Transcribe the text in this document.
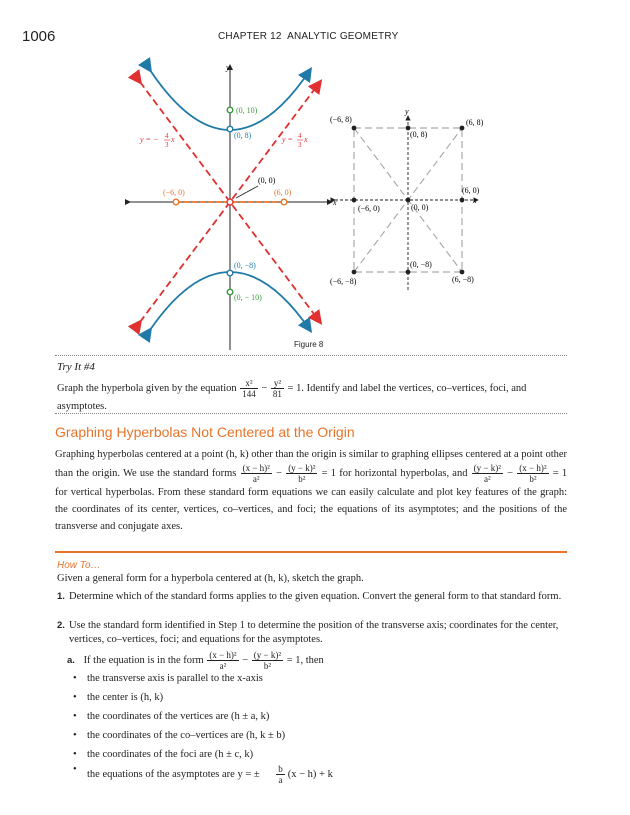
1006	CHAPTER 12 ANALYTIC GEOMETRY
y
x
(0, 10)
(0, 8)
(0, 0)
(−6, 0)	(6, 0)
(0, −8)
(0, − 10)
y = − 4
3
x	y = 4
3
x
y
x
(−6, 8)	(6, 8)
(−6, −8)	(6, −8)
(0, 8)
(0, −8)
(−6, 0)
(6, 0)
(0, 0)
Figure 8
Try It #4
Graph the hyperbola given by the equation $\frac{\text{x²}}{144} - \frac{\text{y²}}{81} = 1$. Identify and label the vertices, co–vertices, foci, and asymptotes.
Graphing Hyperbolas Not Centered at the Origin
Graphing hyperbolas centered at a point (h, k) other than the origin is similar to graphing ellipses centered at a point other than the origin. We use the standard forms $\frac{\text{(x − h)²}}{\text{a²}} - \frac{\text{(y − k)²}}{\text{b²}} = 1$ for horizontal hyperbolas, and $\frac{\text{(y − k)²}}{\text{a²}} - \frac{\text{(x − h)²}}{\text{b²}} = 1$ for vertical hyperbolas. From these standard form equations we can easily calculate and plot key features of the graph: the coordinates of its center, vertices, co–vertices, and foci; the equations of its asymptotes; and the positions of the transverse and conjugate axes.
How To…
Given a general form for a hyperbola centered at (h, k), sketch the graph.
1. Determine which of the standard forms applies to the given equation. Convert the general form to that standard form.
2. Use the standard form identified in Step 1 to determine the position of the transverse axis; coordinates for the center, vertices, co–vertices, foci; and equations for the asymptotes.
a. If the equation is in the form $\frac{\text{(x − h)²}}{\text{a²}} - \frac{\text{(y − k)²}}{\text{b²}} = 1$, then
• the transverse axis is parallel to the x-axis
• the center is (h, k)
• the coordinates of the vertices are (h ± a, k)
• the coordinates of the co–vertices are (h, k ± b)
• the coordinates of the foci are (h ± c, k)
• the equations of the asymptotes are y = ± $\frac{b}{a} (x - h) + k$
